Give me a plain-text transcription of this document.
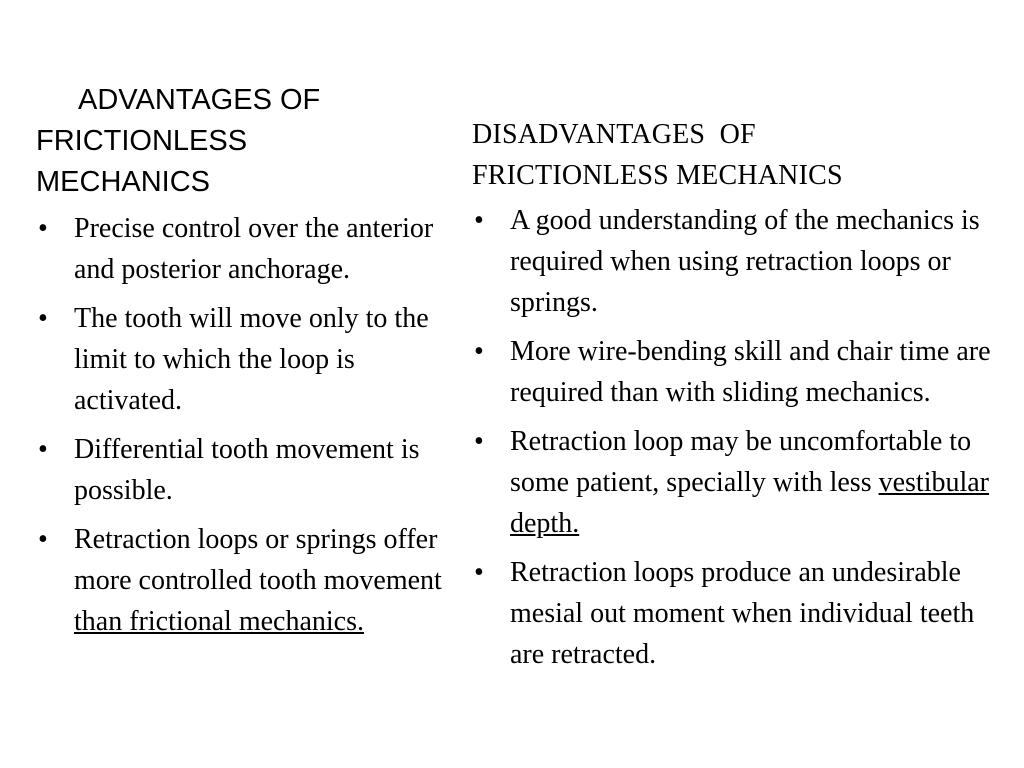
ADVANTAGES OF
FRICTIONLESS
MECHANICS
• Precise control over the anterior and posterior anchorage.
• The tooth will move only to the limit to which the loop is activated.
• Differential tooth movement is possible.
• Retraction loops or springs offer more controlled tooth movement than frictional mechanics.
DISADVANTAGES  OF
FRICTIONLESS MECHANICS
• A good understanding of the mechanics is required when using retraction loops or springs.
• More wire-bending skill and chair time are required than with sliding mechanics.
• Retraction loop may be uncomfortable to some patient, specially with less vestibular depth.
• Retraction loops produce an undesirable mesial out moment when individual teeth are retracted.
